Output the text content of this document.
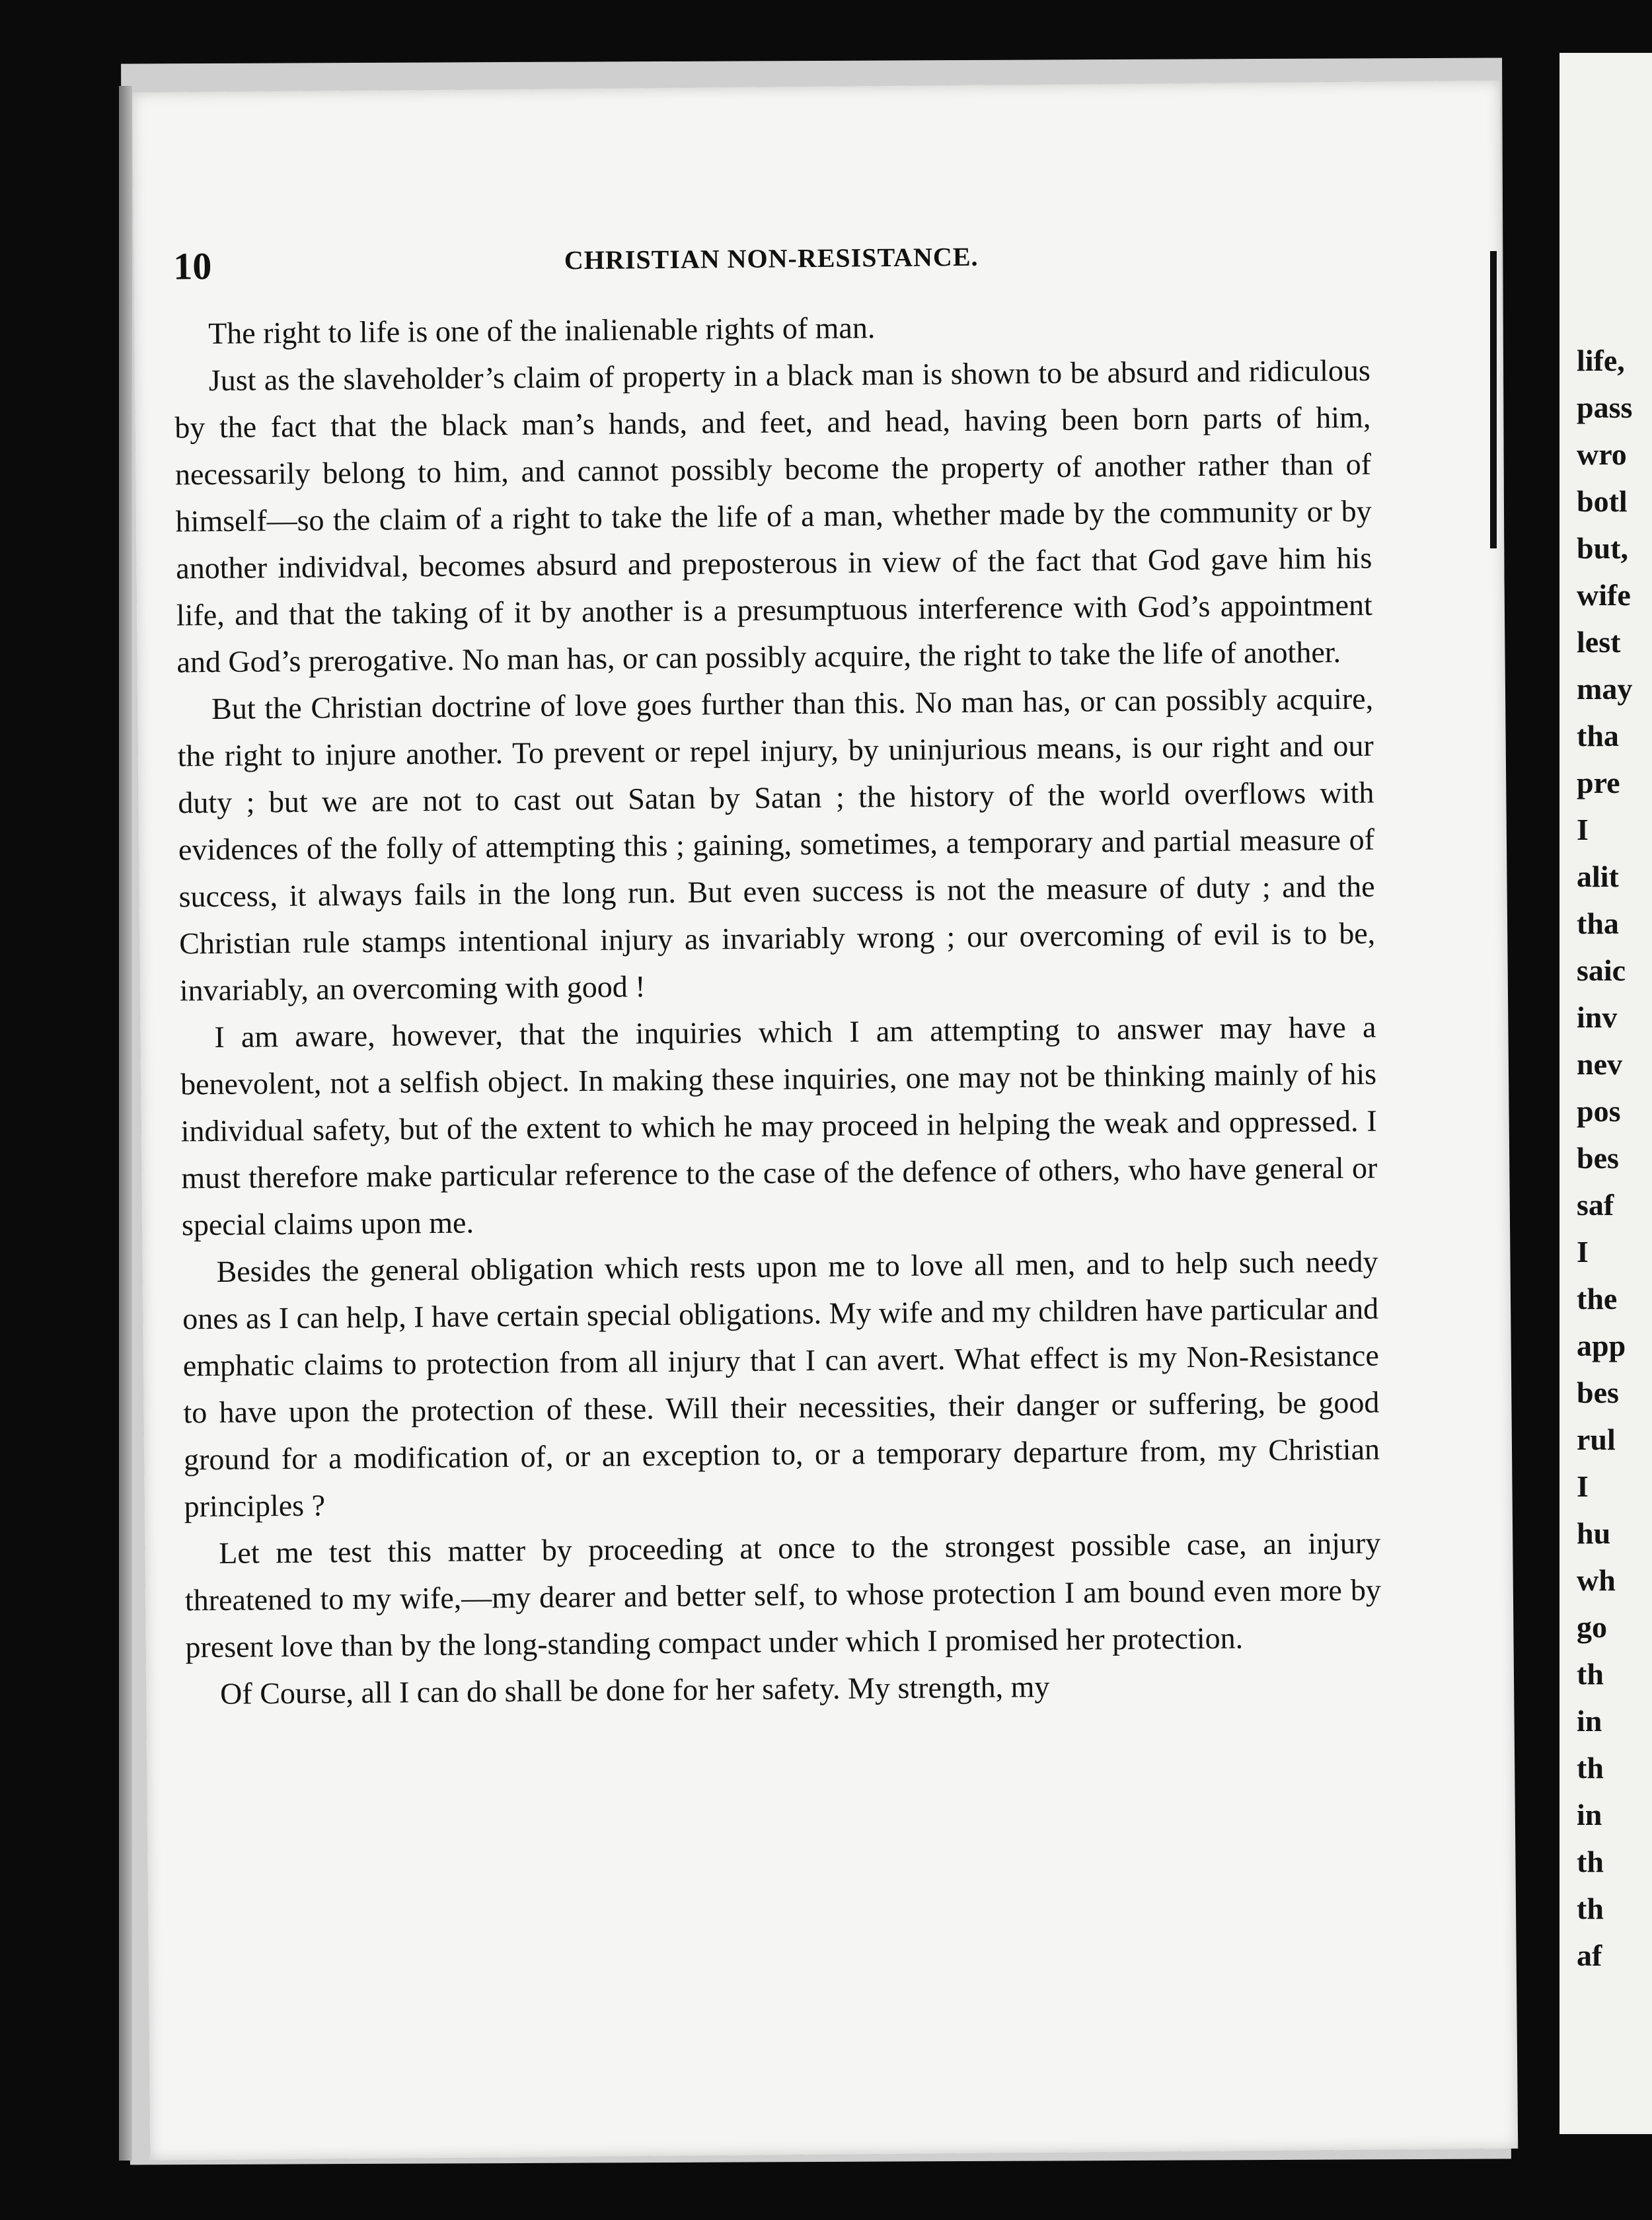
10	CHRISTIAN NON-RESISTANCE.

The right to life is one of the inalienable rights of man.

Just as the slaveholder’s claim of property in a black man is shown to be absurd and ridiculous by the fact that the black man’s hands, and feet, and head, having been born parts of him, necessarily belong to him, and cannot possibly become the property of another rather than of himself—so the claim of a right to take the life of a man, whether made by the community or by another individval, becomes absurd and preposterous in view of the fact that God gave him his life, and that the taking of it by another is a presumptuous interference with God’s appointment and God’s prerogative. No man has, or can possibly acquire, the right to take the life of another.

But the Christian doctrine of love goes further than this. No man has, or can possibly acquire, the right to injure another. To prevent or repel injury, by uninjurious means, is our right and our duty ; but we are not to cast out Satan by Satan ; the history of the world overflows with evidences of the folly of attempting this ; gaining, sometimes, a temporary and partial measure of success, it always fails in the long run. But even success is not the measure of duty ; and the Christian rule stamps intentional injury as invariably wrong ; our overcoming of evil is to be, invariably, an overcoming with good !

I am aware, however, that the inquiries which I am attempting to answer may have a benevolent, not a selfish object. In making these inquiries, one may not be thinking mainly of his individual safety, but of the extent to which he may proceed in helping the weak and oppressed. I must therefore make particular reference to the case of the defence of others, who have general or special claims upon me.

Besides the general obligation which rests upon me to love all men, and to help such needy ones as I can help, I have certain special obligations. My wife and my children have particular and emphatic claims to protection from all injury that I can avert. What effect is my Non-Resistance to have upon the protection of these. Will their necessities, their danger or suffering, be good ground for a modification of, or an exception to, or a temporary departure from, my Christian principles ?

Let me test this matter by proceeding at once to the strongest possible case, an injury threatened to my wife,—my dearer and better self, to whose protection I am bound even more by present love than by the long-standing compact under which I promised her protection.

Of Course, all I can do shall be done for her safety. My strength, my

life,
pass
wro
botl
but,
wife
lest
may
tha
pre
I
alit
tha
saic
inv
nev
pos
bes
saf
I
the
app
bes
rul
I
hu
wh
go
th
in
th
in
th
th
af
